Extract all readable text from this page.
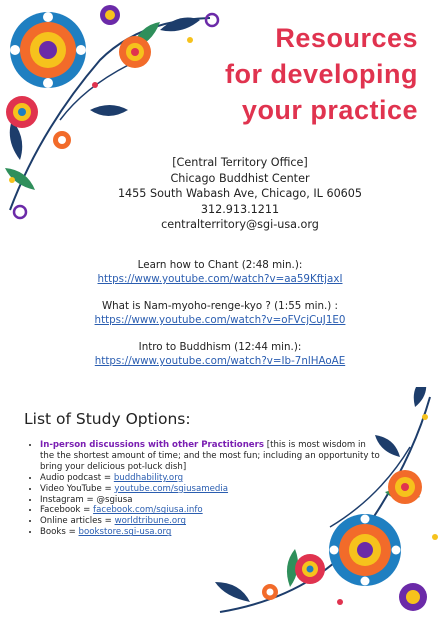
Resources
for developing
your practice
[Central Territory Office]
Chicago Buddhist Center
1455 South Wabash Ave, Chicago, IL 60605
312.913.1211
centralterritory@sgi-usa.org
Learn how to Chant (2:48 min.):
https://www.youtube.com/watch?v=aa59KftjaxI
What is Nam-myoho-renge-kyo ? (1:55 min.) :
https://www.youtube.com/watch?v=oFVcjCuJ1E0
Intro to Buddhism (12:44 min.):
https://www.youtube.com/watch?v=Ib-7nlHAoAE
List of Study Options:
• In-person discussions with other Practitioners [this is most wisdom in the the shortest amount of time; and the most fun; including an opportunity to bring your delicious pot-luck dish]
• Audio podcast = buddhability.org
• Video YouTube = youtube.com/sgiusamedia
• Instagram = @sgiusa
• Facebook = facebook.com/sgiusa.info
• Online articles = worldtribune.org
• Books = bookstore.sgi-usa.org
